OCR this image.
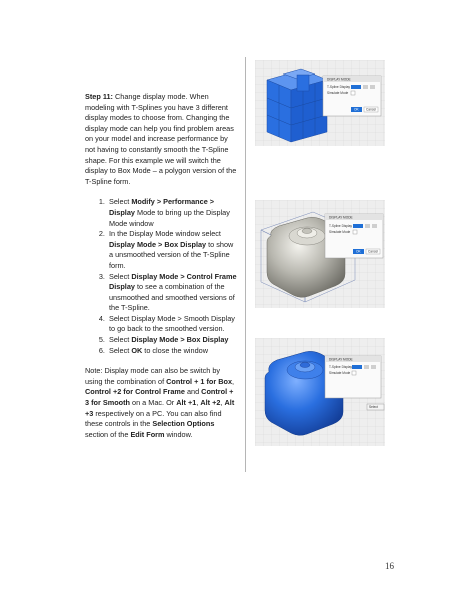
Step 11: Change display mode. When modeling with T-Splines you have 3 different display modes to choose from. Changing the display mode can help you find problem areas on your model and increase performance by not having to constantly smooth the T-Spline shape. For this example we will switch the display to Box Mode – a polygon version of the T-Spline form.

1. Select Modify > Performance > Display Mode to bring up the Display Mode window
2. In the Display Mode window select Display Mode > Box Display to show a unsmoothed version of the T-Spline form.
3. Select Display Mode > Control Frame Display to see a combination of the unsmoothed and smoothed versions of the T-Spline.
4. Select Display Mode > Smooth Display to go back to the smoothed version.
5. Select Display Mode > Box Display
6. Select OK to close the window

Note: Display mode can also be switch by using the combination of Control + 1 for Box, Control +2 for Control Frame and Control + 3 for Smooth on a Mac. Or Alt +1, Alt +2, Alt +3 respectively on a PC. You can also find these controls in the Selection Options section of the Edit Form window.

DISPLAY MODE
T-Spline Display
Simulate Mode
OK Cancel
DISPLAY MODE
T-Spline Display
Simulate Mode
OK Cancel
DISPLAY MODE
T-Spline Display
Simulate Mode
Select
16
